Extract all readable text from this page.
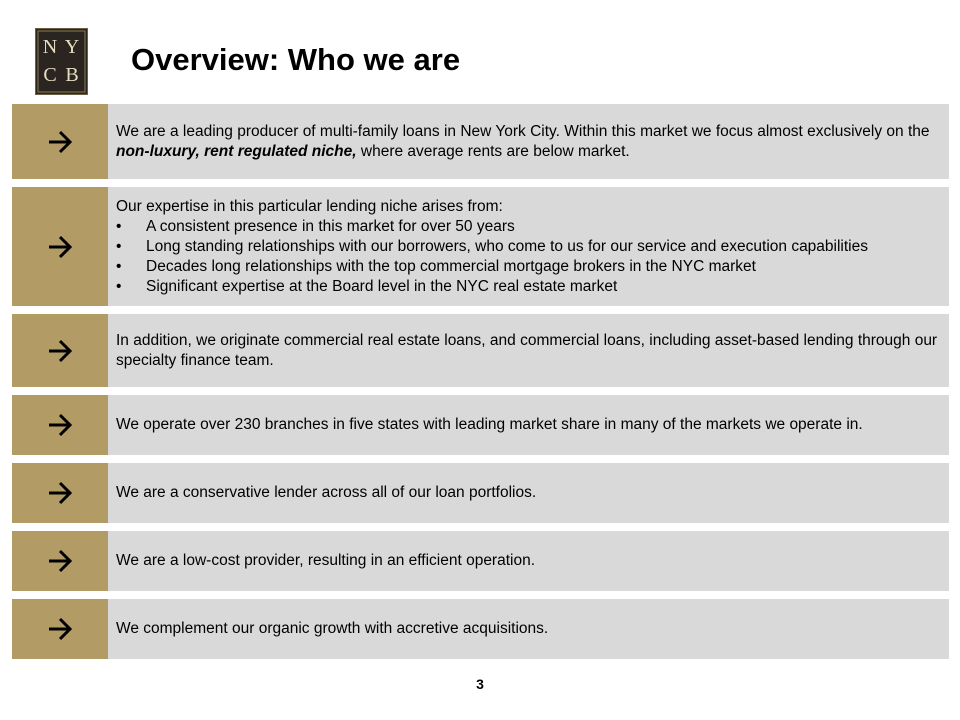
N Y
C B Overview: Who we are

We are a leading producer of multi-family loans in New York City. Within this market we focus almost exclusively on the non-luxury, rent regulated niche, where average rents are below market.

Our expertise in this particular lending niche arises from:

• A consistent presence in this market for over 50 years
• Long standing relationships with our borrowers, who come to us for our service and execution capabilities
• Decades long relationships with the top commercial mortgage brokers in the NYC market
• Significant expertise at the Board level in the NYC real estate market

In addition, we originate commercial real estate loans, and commercial loans, including asset-based lending through our specialty finance team.

We operate over 230 branches in five states with leading market share in many of the markets we operate in.

We are a conservative lender across all of our loan portfolios.

We are a low-cost provider, resulting in an efficient operation.

We complement our organic growth with accretive acquisitions.

3
